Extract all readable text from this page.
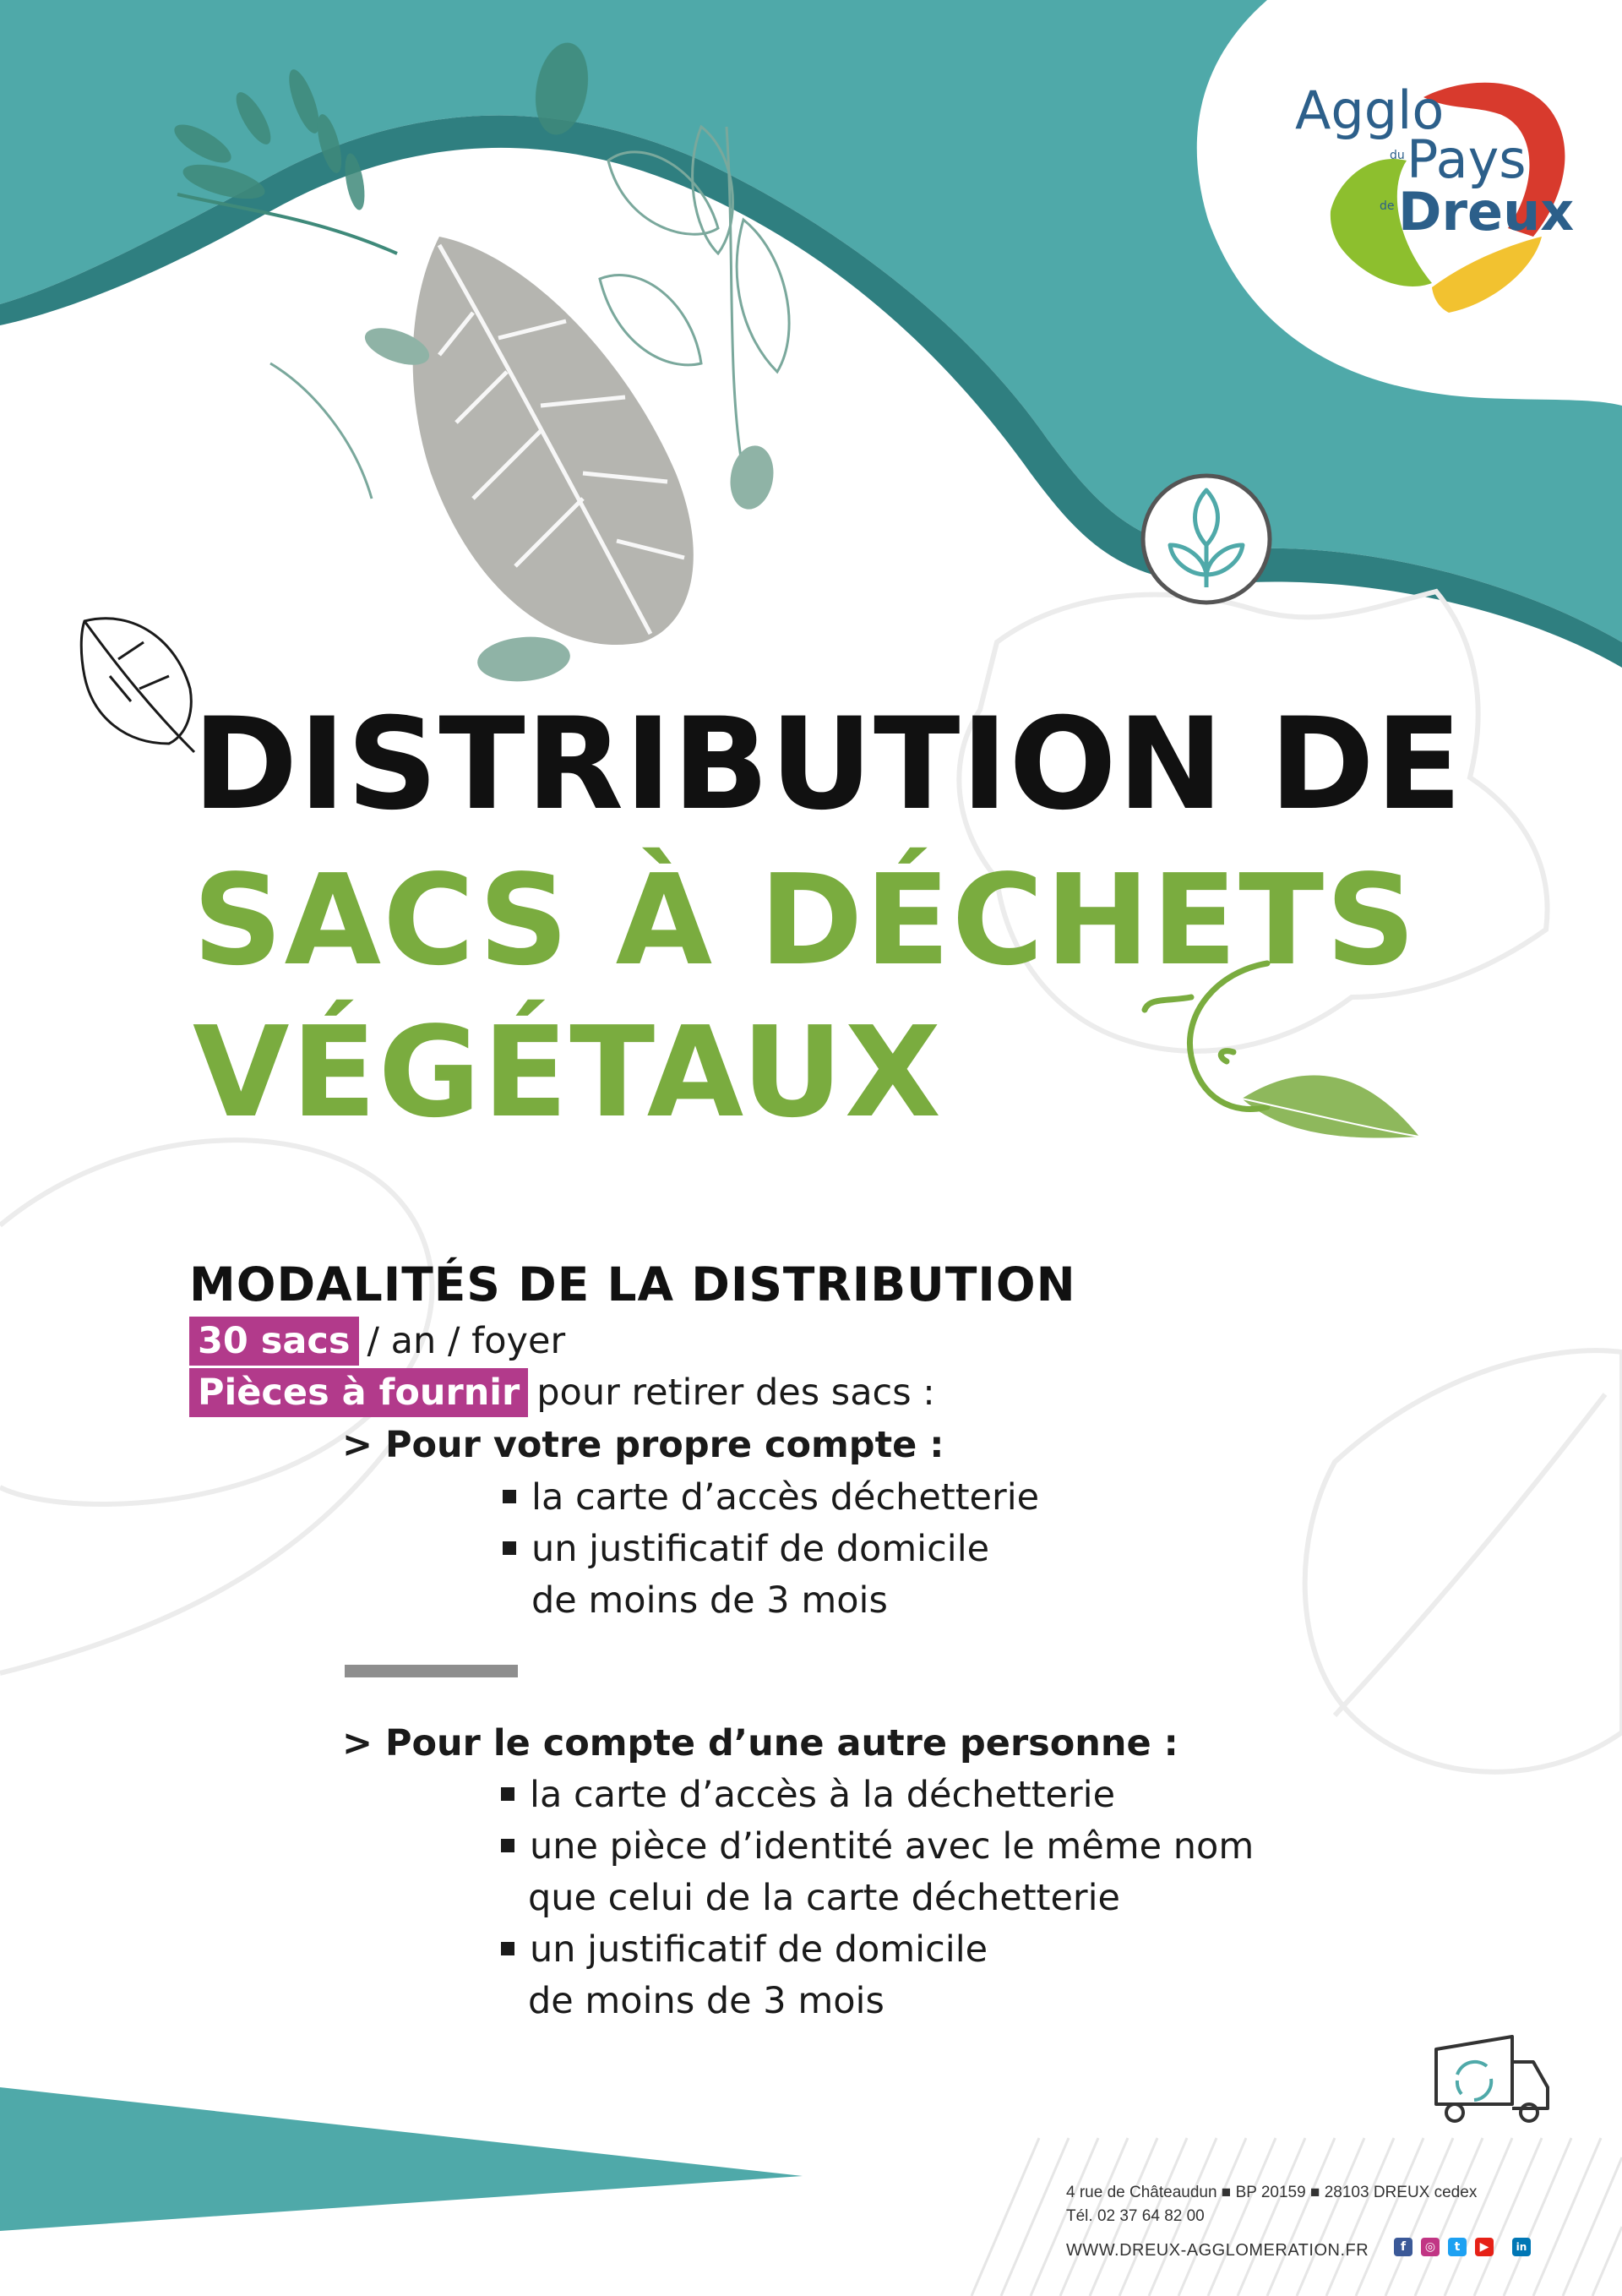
Agglo
du Pays
de Dreux
DISTRIBUTION DE
SACS À DÉCHETS
VÉGÉTAUX
MODALITÉS DE LA DISTRIBUTION
30 sacs / an / foyer
Pièces à fournir pour retirer des sacs :
> Pour votre propre compte :
la carte d’accès déchetterie
un justificatif de domicile
de moins de 3 mois
> Pour le compte d’une autre personne :
la carte d’accès à la déchetterie
une pièce d’identité avec le même nom
que celui de la carte déchetterie
un justificatif de domicile
de moins de 3 mois
4 rue de Châteaudun ■ BP 20159 ■ 28103 DREUX cedex
Tél. 02 37 64 82 00
WWW.DREUX-AGGLOMERATION.FR	f	◎	t	▶	in
